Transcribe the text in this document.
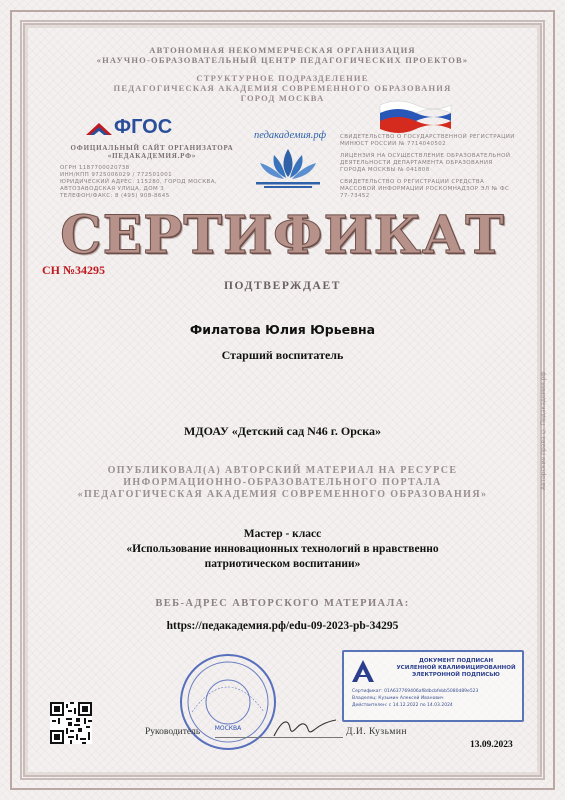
АВТОНОМНАЯ НЕКОММЕРЧЕСКАЯ ОРГАНИЗАЦИЯ
«НАУЧНО-ОБРАЗОВАТЕЛЬНЫЙ ЦЕНТР ПЕДАГОГИЧЕСКИХ ПРОЕКТОВ»
СТРУКТУРНОЕ ПОДРАЗДЕЛЕНИЕ
ПЕДАГОГИЧЕСКАЯ АКАДЕМИЯ СОВРЕМЕННОГО ОБРАЗОВАНИЯ
ГОРОД МОСКВА
ФГОС
ОФИЦИАЛЬНЫЙ САЙТ ОРГАНИЗАТОРА
«ПЕДАКАДЕМИЯ.РФ»
ОГРН 1187700020738
ИНН/КПП 9725006029 / 772501001
ЮРИДИЧЕСКИЙ АДРЕС: 115280, ГОРОД МОСКВА,
АВТОЗАВОДСКАЯ УЛИЦА, ДОМ 3
ТЕЛЕФОН/ФАКС: 8 (495) 908-8645
педакадемия.рф	СВИДЕТЕЛЬСТВО О ГОСУДАРСТВЕННОЙ РЕГИСТРАЦИИ МИНЮСТ РОССИИ № 7714040502
ЛИЦЕНЗИЯ НА ОСУЩЕСТВЛЕНИЕ ОБРАЗОВАТЕЛЬНОЙ ДЕЯТЕЛЬНОСТИ ДЕПАРТАМЕНТА ОБРАЗОВАНИЯ ГОРОДА МОСКВЫ № 041808
СВИДЕТЕЛЬСТВО О РЕГИСТРАЦИИ СРЕДСТВА МАССОВОЙ ИНФОРМАЦИИ РОСКОМНАДЗОР ЭЛ № ФС 77-73452
СЕРТИФИКАТ
СН №34295
ПОДТВЕРЖДАЕТ
Филатова Юлия Юрьевна
Старший воспитатель
МДОАУ «Детский сад N46 г. Орска»
ОПУБЛИКОВАЛ(А) АВТОРСКИЙ МАТЕРИАЛ НА РЕСУРСЕ
ИНФОРМАЦИОННО-ОБРАЗОВАТЕЛЬНОГО ПОРТАЛА
«ПЕДАГОГИЧЕСКАЯ АКАДЕМИЯ СОВРЕМЕННОГО ОБРАЗОВАНИЯ»
Мастер - класс
«Использование инновационных технологий в нравственно
патриотическом воспитании»
ВЕБ-АДРЕС АВТОРСКОГО МАТЕРИАЛА:
https://педакадемия.рф/edu-09-2023-pb-34295
МОСКВА
Руководитель	Д.И. Кузьмин
13.09.2023
ДОКУМЕНТ ПОДПИСАН
УСИЛЕННОЙ КВАЛИФИЦИРОВАННОЙ
ЭЛЕКТРОННОЙ ПОДПИСЬЮ
Сертификат: 01A637769406af8dbcbfebb5080d89e523
Владелец: Кузьмин Алексей Иванович
Действителен: с 14.12.2022 по 14.03.2024
Авторские права © Педакадемия.рф
